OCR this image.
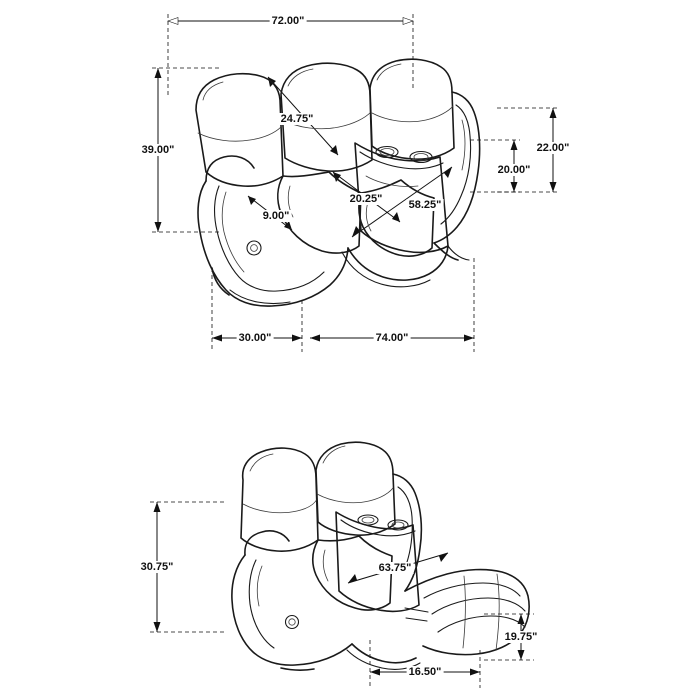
72.00"
39.00"
24.75"
22.00"
20.00"
20.25" 58.25"
9.00"
30.00"	74.00"
30.75"	63.75"
19.75"
16.50"
